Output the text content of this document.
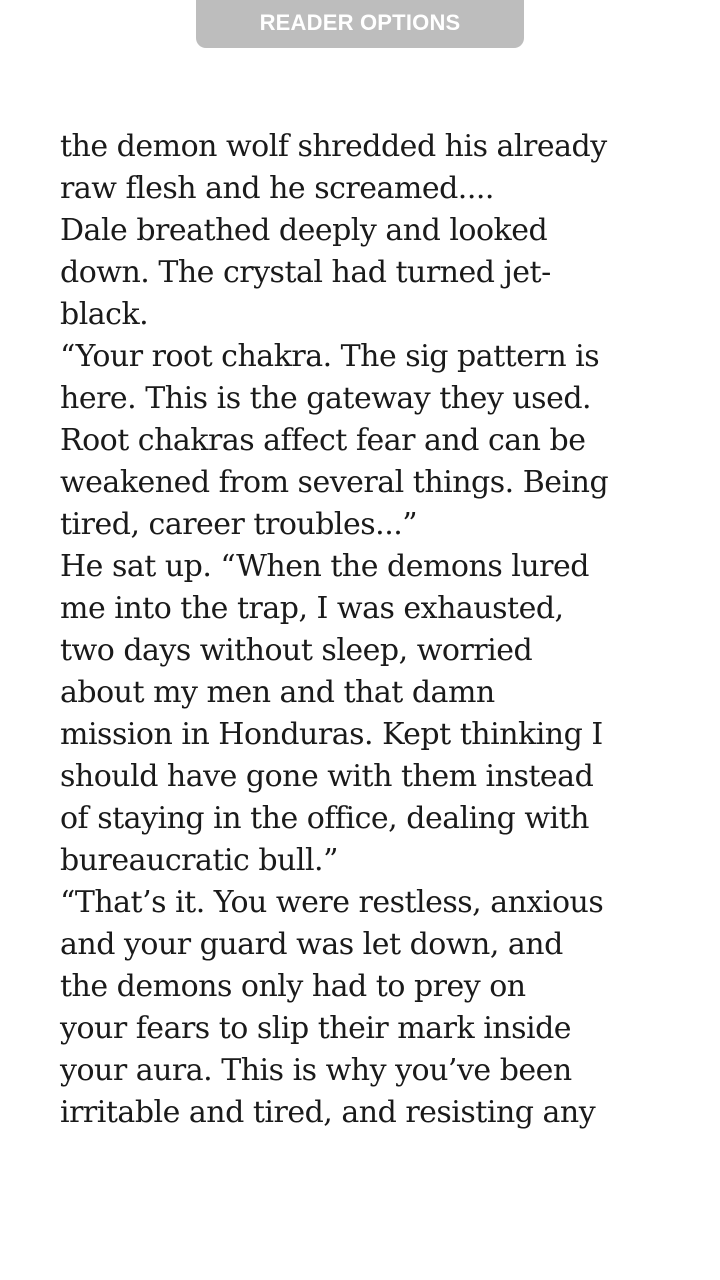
READER OPTIONS
the demon wolf shredded his already
raw flesh and he screamed....
Dale breathed deeply and looked
down. The crystal had turned jet-
black.
“Your root chakra. The sig pattern is
here. This is the gateway they used.
Root chakras affect fear and can be
weakened from several things. Being
tired, career troubles...”
He sat up. “When the demons lured
me into the trap, I was exhausted,
two days without sleep, worried
about my men and that damn
mission in Honduras. Kept thinking I
should have gone with them instead
of staying in the office, dealing with
bureaucratic bull.”
“That’s it. You were restless, anxious
and your guard was let down, and
the demons only had to prey on
your fears to slip their mark inside
your aura. This is why you’ve been
irritable and tired, and resisting any
